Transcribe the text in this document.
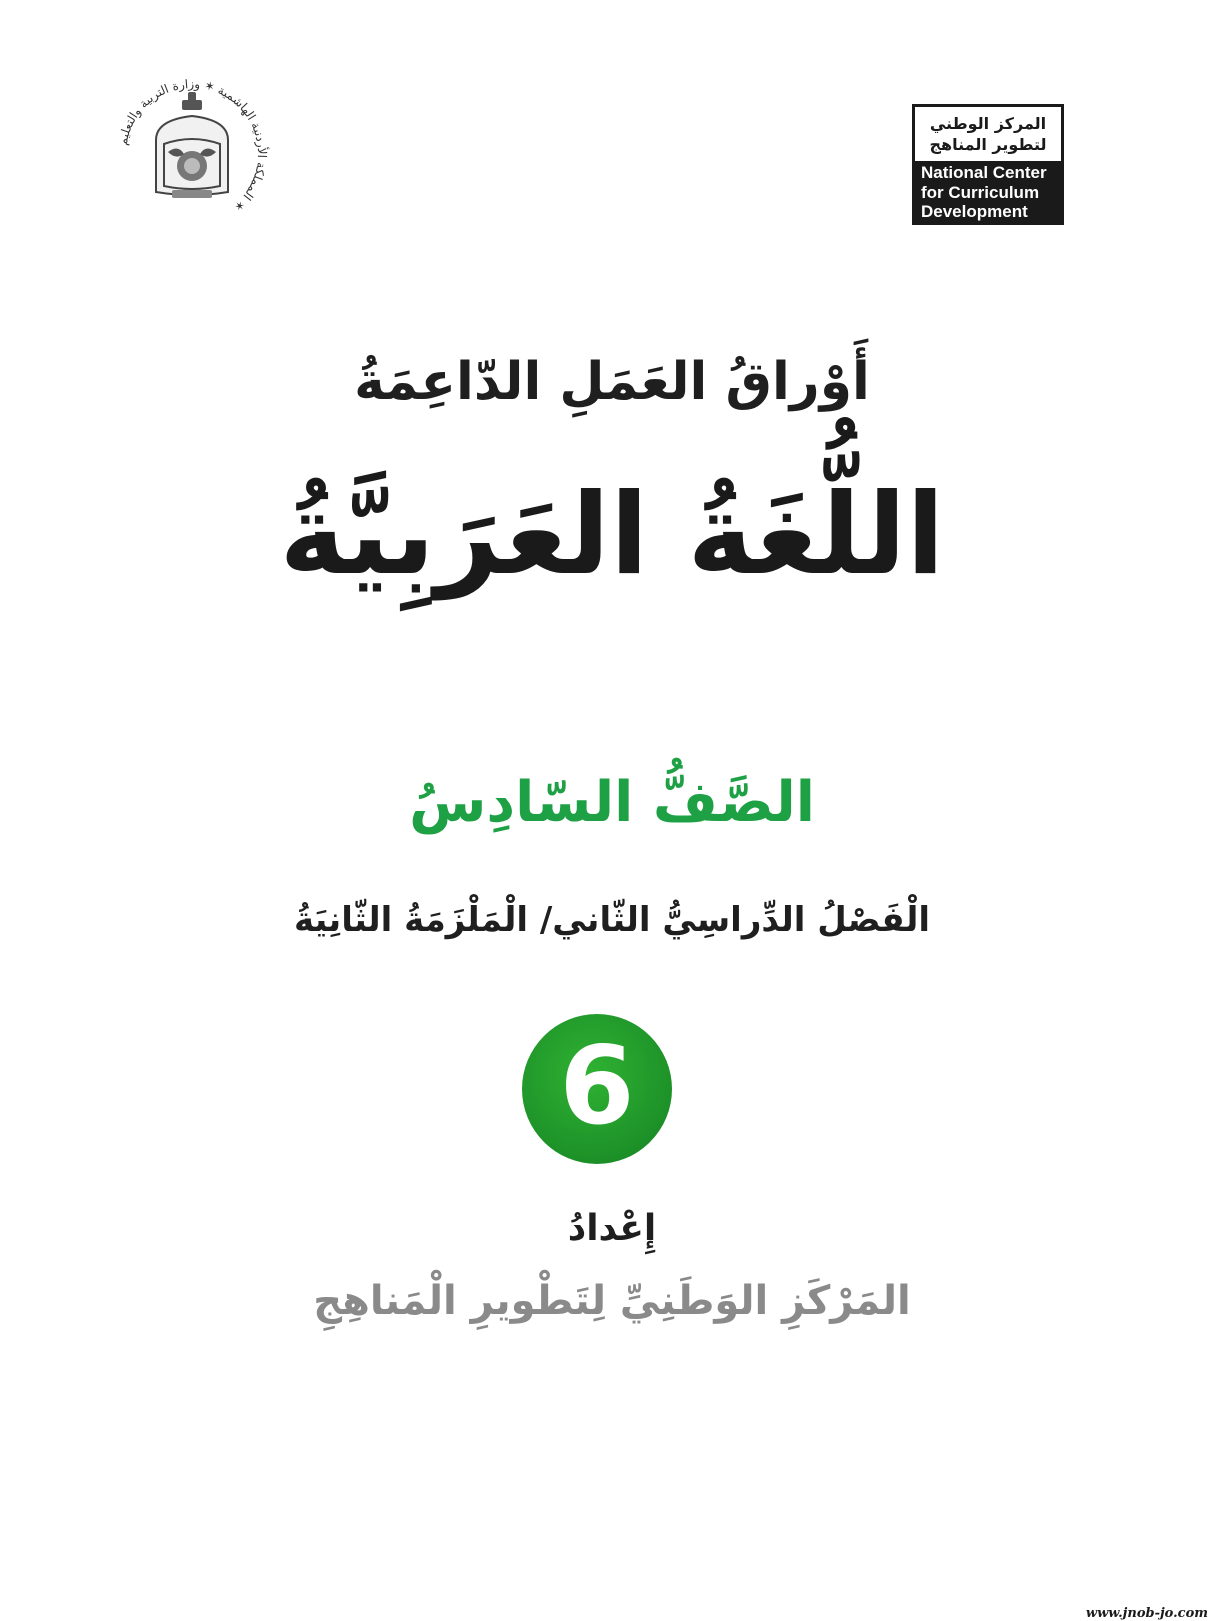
المملكة الأردنية الهاشمية ✶ وزارة التربية والتعليم ✶
المركز الوطني
لتطوير المناهج
National Center
for Curriculum
Development
أَوْراقُ العَمَلِ الدّاعِمَةُ
اللُّغَةُ العَرَبِيَّةُ
الصَّفُّ السّادِسُ
الْفَصْلُ الدِّراسِيُّ الثّاني/ الْمَلْزَمَةُ الثّانِيَةُ
6
إِعْدادُ
المَرْكَزِ الوَطَنِيِّ لِتَطْويرِ الْمَناهِجِ
www.jnob-jo.com
